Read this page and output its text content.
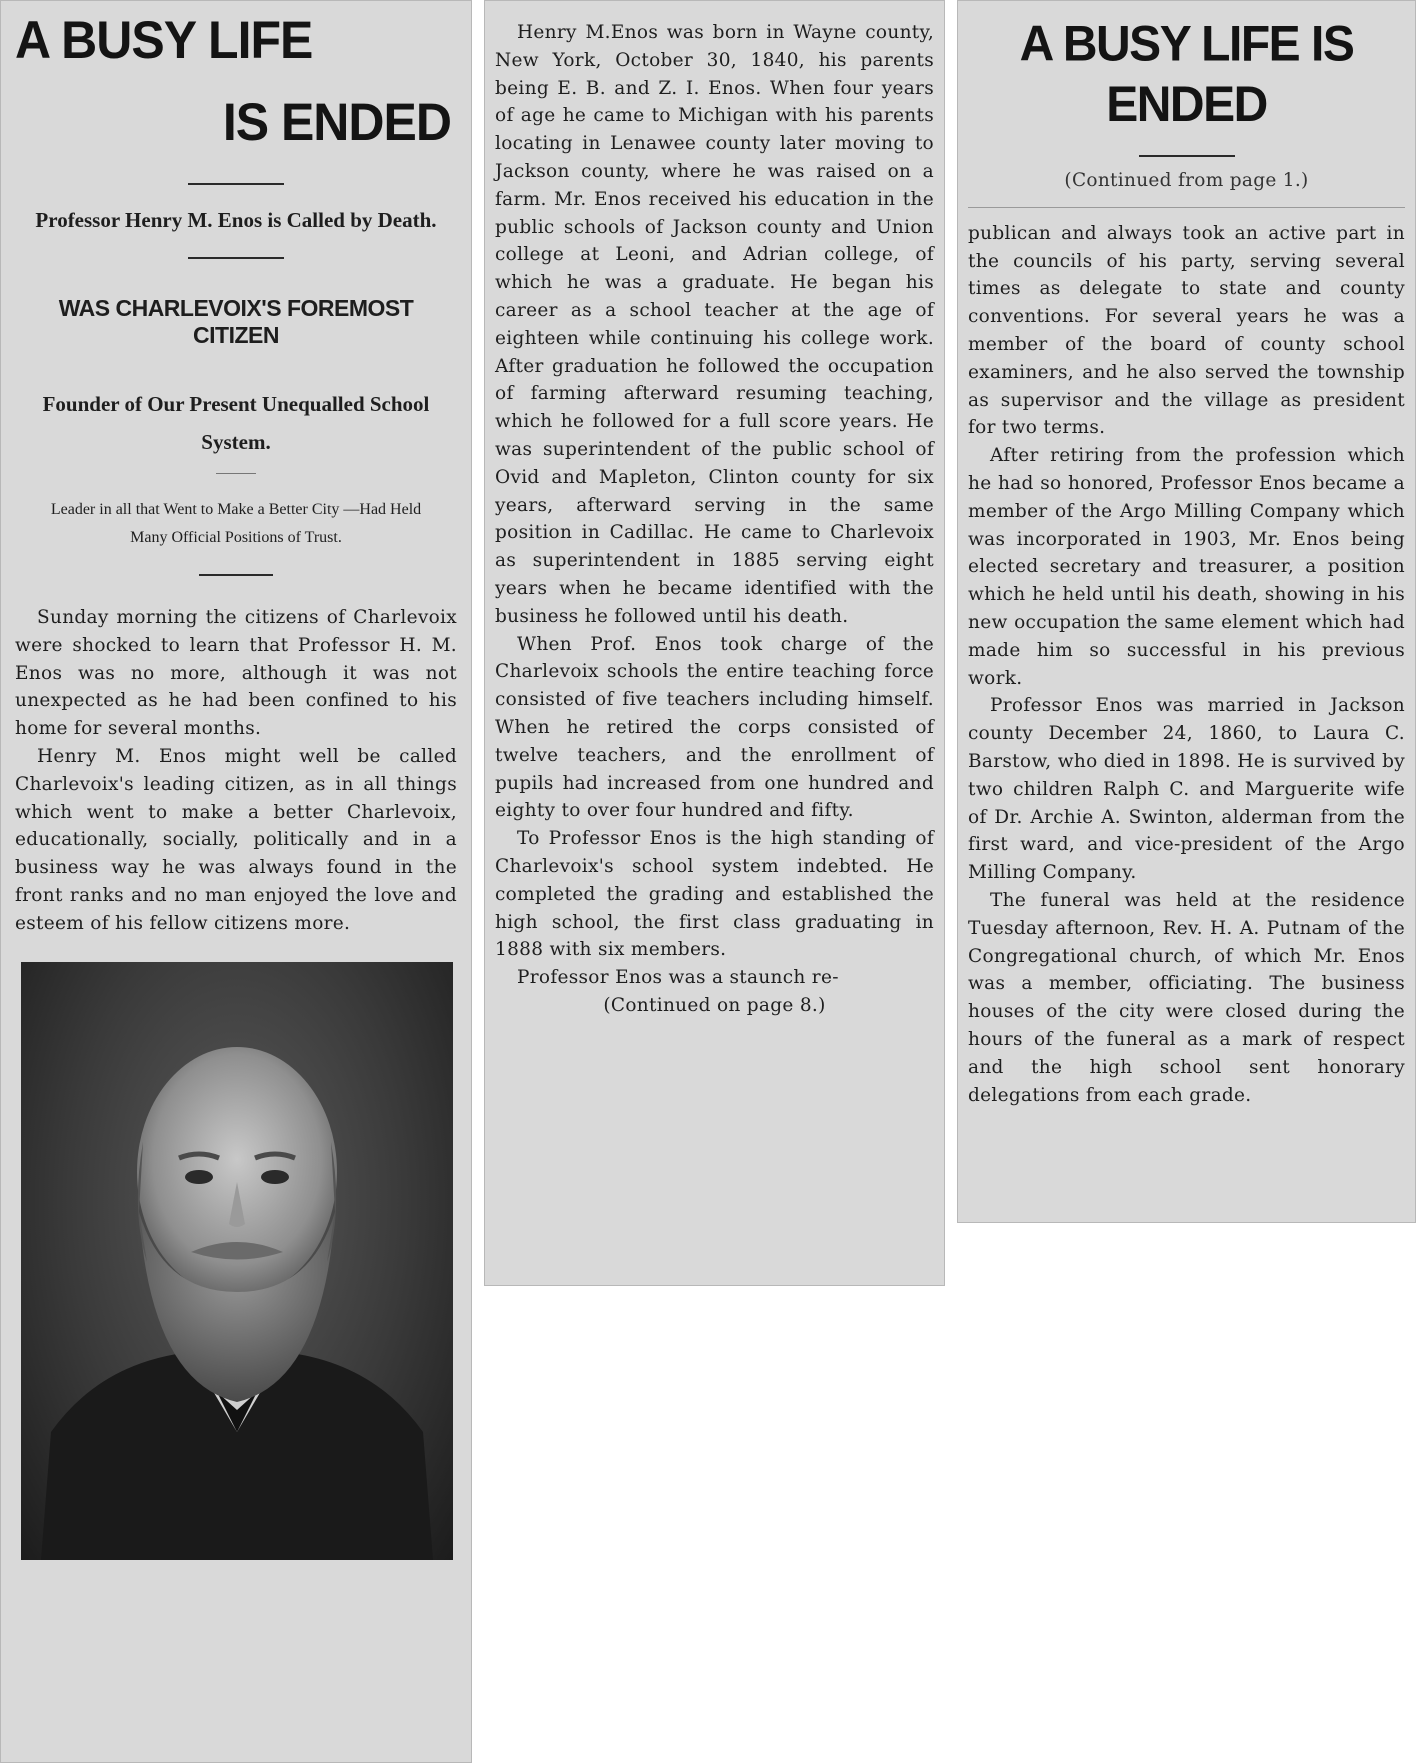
A BUSY LIFE
IS ENDED
Professor Henry M. Enos is Called by Death.
WAS CHARLEVOIX'S FOREMOST CITIZEN
Founder of Our Present Unequalled School System.
Leader in all that Went to Make a Better City —Had Held Many Official Positions of Trust.

Sunday morning the citizens of Charlevoix were shocked to learn that Professor H. M. Enos was no more, although it was not unexpected as he had been confined to his home for several months.

Henry M. Enos might well be called Charlevoix's leading citizen, as in all things which went to make a better Charlevoix, educationally, socially, politically and in a business way he was always found in the front ranks and no man enjoyed the love and esteem of his fellow citizens more.

Henry M.Enos was born in Wayne county, New York, October 30, 1840, his parents being E. B. and Z. I. Enos. When four years of age he came to Michigan with his parents locating in Lenawee county later moving to Jackson county, where he was raised on a farm. Mr. Enos received his education in the public schools of Jackson county and Union college at Leoni, and Adrian college, of which he was a graduate. He began his career as a school teacher at the age of eighteen while continuing his college work. After graduation he followed the occupation of farming afterward resuming teaching, which he followed for a full score years. He was superintendent of the public school of Ovid and Mapleton, Clinton county for six years, afterward serving in the same position in Cadillac. He came to Charlevoix as superintendent in 1885 serving eight years when he became identified with the business he followed until his death.

When Prof. Enos took charge of the Charlevoix schools the entire teaching force consisted of five teachers including himself. When he retired the corps consisted of twelve teachers, and the enrollment of pupils had increased from one hundred and eighty to over four hundred and fifty.

To Professor Enos is the high standing of Charlevoix's school system indebted. He completed the grading and established the high school, the first class graduating in 1888 with six members.

Professor Enos was a staunch re-

(Continued on page 8.)
A BUSY LIFE IS ENDED
(Continued from page 1.)

publican and always took an active part in the councils of his party, serving several times as delegate to state and county conventions. For several years he was a member of the board of county school examiners, and he also served the township as supervisor and the village as president for two terms.

After retiring from the profession which he had so honored, Professor Enos became a member of the Argo Milling Company which was incorporated in 1903, Mr. Enos being elected secretary and treasurer, a position which he held until his death, showing in his new occupation the same element which had made him so successful in his previous work.

Professor Enos was married in Jackson county December 24, 1860, to Laura C. Barstow, who died in 1898. He is survived by two children Ralph C. and Marguerite wife of Dr. Archie A. Swinton, alderman from the first ward, and vice-president of the Argo Milling Company.

The funeral was held at the residence Tuesday afternoon, Rev. H. A. Putnam of the Congregational church, of which Mr. Enos was a member, officiating. The business houses of the city were closed during the hours of the funeral as a mark of respect and the high school sent honorary delegations from each grade.
